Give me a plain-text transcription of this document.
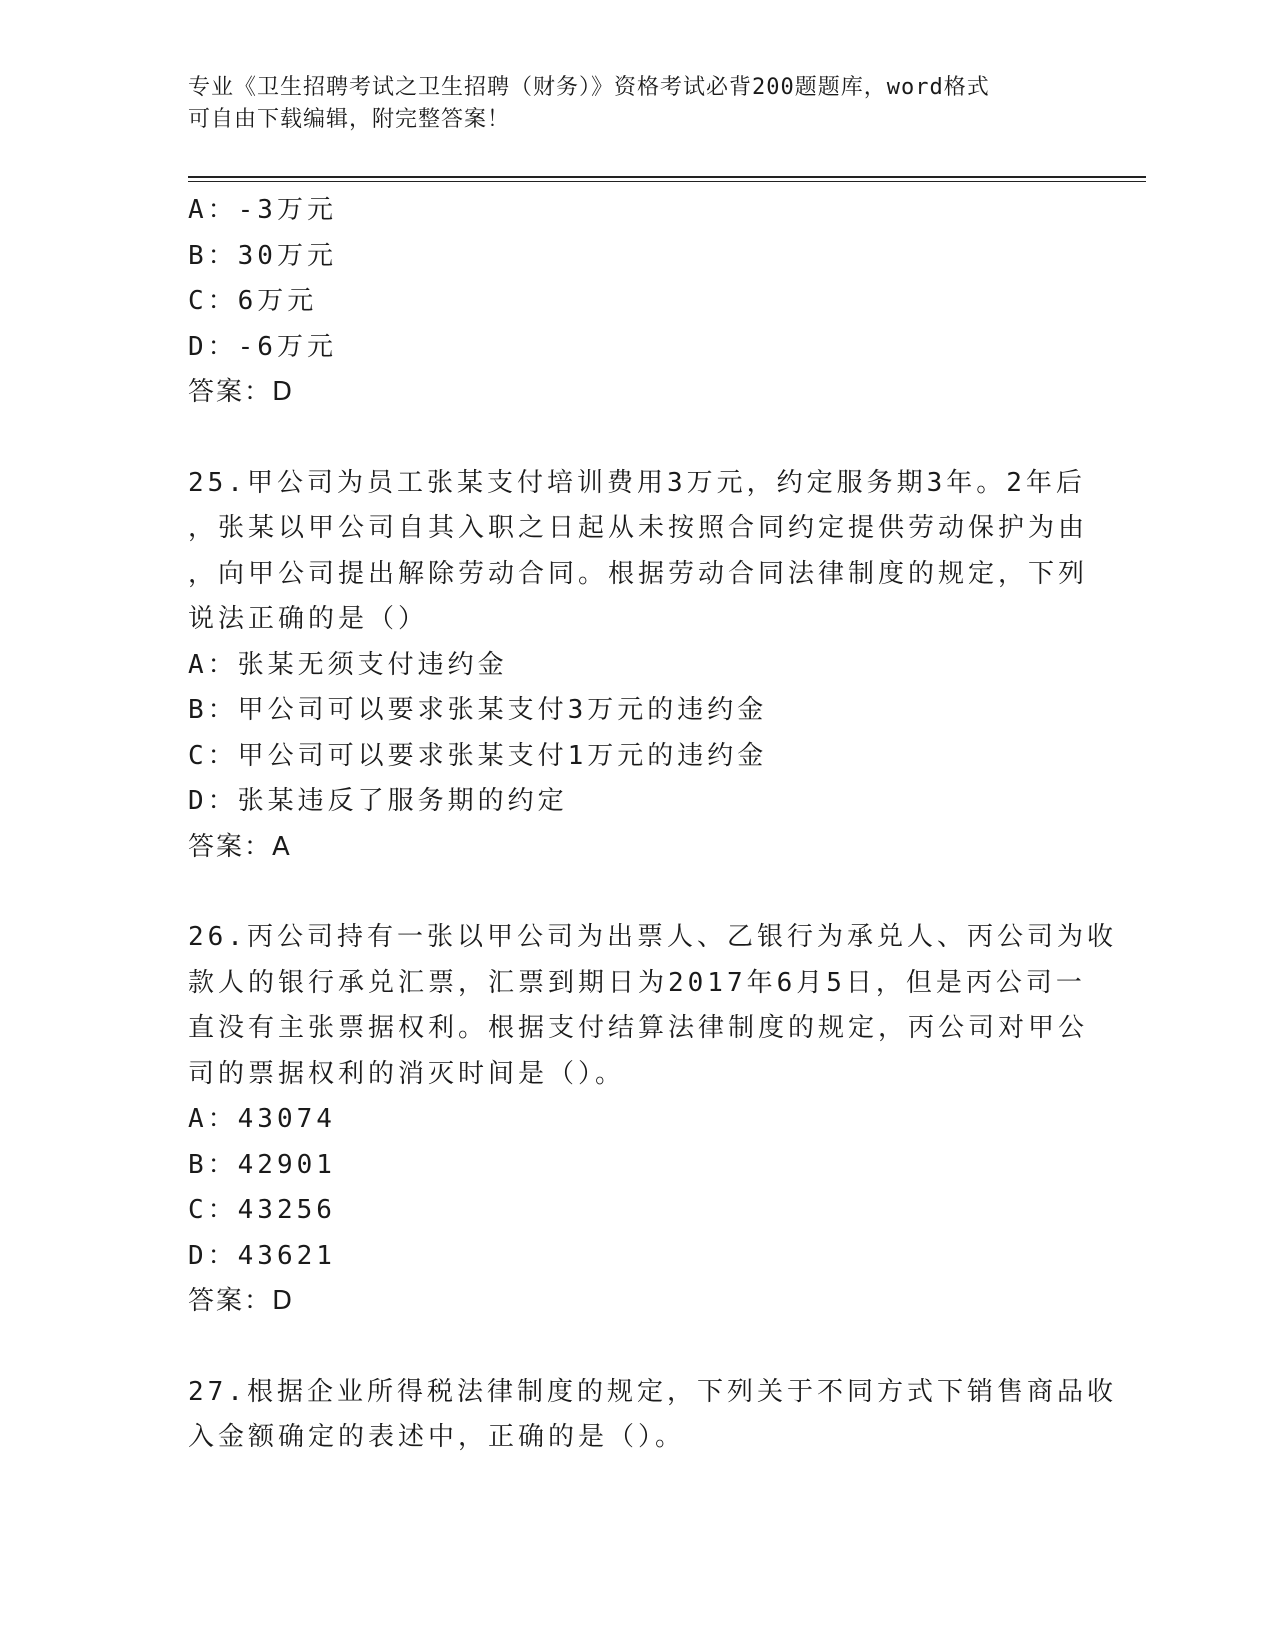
专业《卫生招聘考试之卫生招聘（财务）》资格考试必背200题题库，word格式
可自由下载编辑，附完整答案！
A：-3万元
B：30万元
C：6万元
D：-6万元
答案：D
25.甲公司为员工张某支付培训费用3万元，约定服务期3年。2年后
，张某以甲公司自其入职之日起从未按照合同约定提供劳动保护为由
，向甲公司提出解除劳动合同。根据劳动合同法律制度的规定，下列
说法正确的是（）
A：张某无须支付违约金
B：甲公司可以要求张某支付3万元的违约金
C：甲公司可以要求张某支付1万元的违约金
D：张某违反了服务期的约定
答案：A
26.丙公司持有一张以甲公司为出票人、乙银行为承兑人、丙公司为收
款人的银行承兑汇票，汇票到期日为2017年6月5日，但是丙公司一
直没有主张票据权利。根据支付结算法律制度的规定，丙公司对甲公
司的票据权利的消灭时间是（）。
A：43074
B：42901
C：43256
D：43621
答案：D
27.根据企业所得税法律制度的规定，下列关于不同方式下销售商品收
入金额确定的表述中，正确的是（）。
